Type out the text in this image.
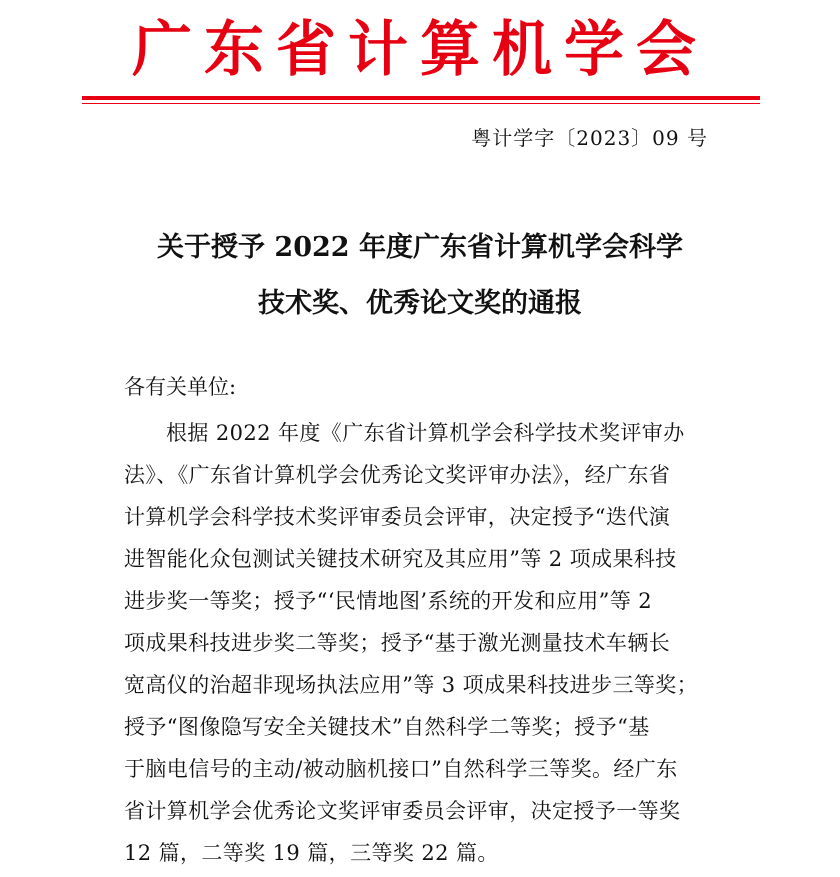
广东省计算机学会
粤计学字〔2023〕09 号
关于授予 2022 年度广东省计算机学会科学
技术奖、优秀论文奖的通报
各有关单位:
根据 2022 年度《广东省计算机学会科学技术奖评审办
法》、《广东省计算机学会优秀论文奖评审办法》，经广东省
计算机学会科学技术奖评审委员会评审，决定授予“迭代演
进智能化众包测试关键技术研究及其应用”等 2 项成果科技
进步奖一等奖；授予“‘民情地图’系统的开发和应用”等 2
项成果科技进步奖二等奖；授予“基于激光测量技术车辆长
宽高仪的治超非现场执法应用”等 3 项成果科技进步三等奖；
授予“图像隐写安全关键技术”自然科学二等奖；授予“基
于脑电信号的主动/被动脑机接口”自然科学三等奖。经广东
省计算机学会优秀论文奖评审委员会评审，决定授予一等奖
12 篇，二等奖 19 篇，三等奖 22 篇。
